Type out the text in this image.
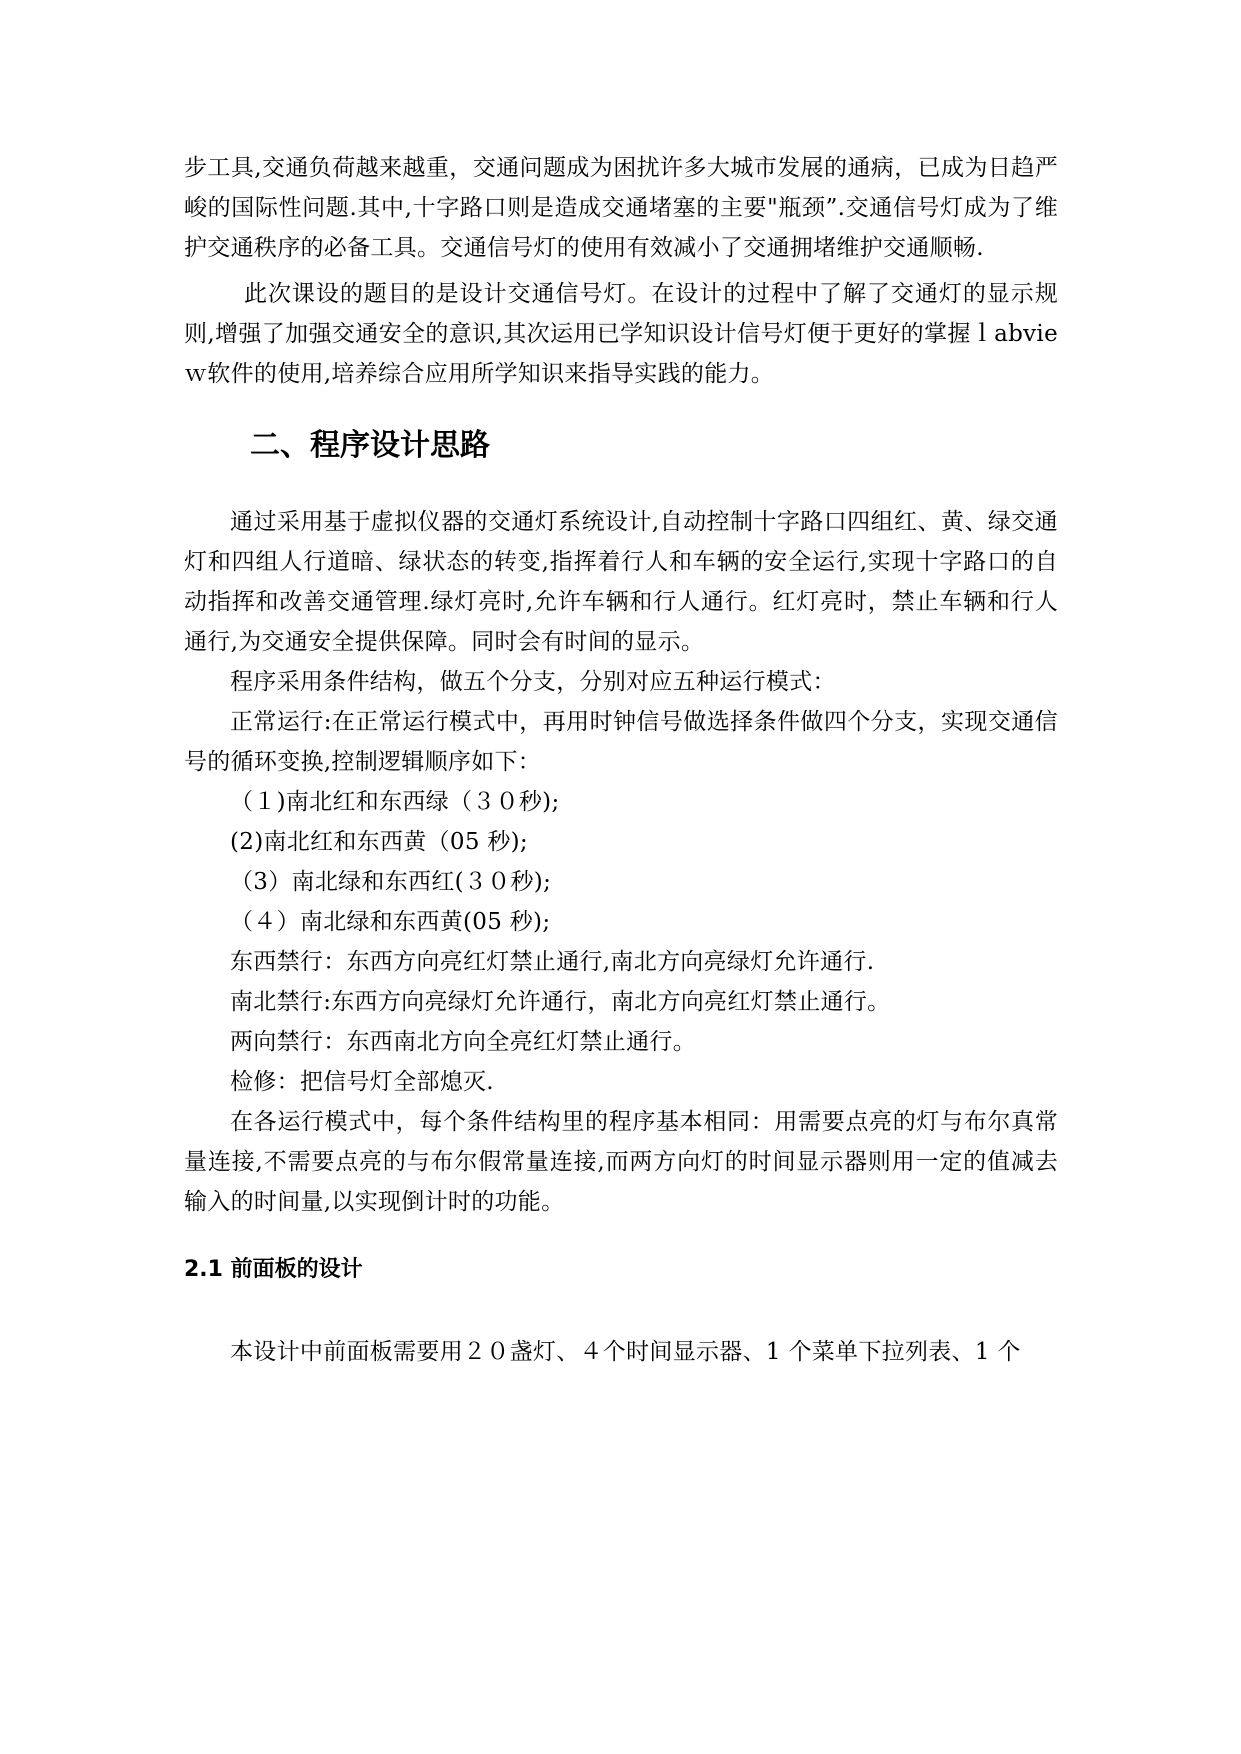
步工具,交通负荷越来越重，交通问题成为困扰许多大城市发展的通病，已成为日趋严峻的国际性问题.其中,十字路口则是造成交通堵塞的主要"瓶颈”.交通信号灯成为了维护交通秩序的必备工具。交通信号灯的使用有效减小了交通拥堵维护交通顺畅.

此次课设的题目的是设计交通信号灯。在设计的过程中了解了交通灯的显示规则,增强了加强交通安全的意识,其次运用已学知识设计信号灯便于更好的掌握ｌabvieｗ软件的使用,培养综合应用所学知识来指导实践的能力。

二、程序设计思路

通过采用基于虚拟仪器的交通灯系统设计,自动控制十字路口四组红、黄、绿交通灯和四组人行道暗、绿状态的转变,指挥着行人和车辆的安全运行,实现十字路口的自动指挥和改善交通管理.绿灯亮时,允许车辆和行人通行。红灯亮时，禁止车辆和行人通行,为交通安全提供保障。同时会有时间的显示。

程序采用条件结构，做五个分支，分别对应五种运行模式：

正常运行:在正常运行模式中，再用时钟信号做选择条件做四个分支，实现交通信号的循环变换,控制逻辑顺序如下：

（１)南北红和东西绿（３０秒);

(2)南北红和东西黄（05 秒);

（3）南北绿和东西红(３０秒);

（４）南北绿和东西黄(05 秒);

东西禁行：东西方向亮红灯禁止通行,南北方向亮绿灯允许通行.

南北禁行:东西方向亮绿灯允许通行，南北方向亮红灯禁止通行。

两向禁行：东西南北方向全亮红灯禁止通行。

检修：把信号灯全部熄灭.

在各运行模式中，每个条件结构里的程序基本相同：用需要点亮的灯与布尔真常量连接,不需要点亮的与布尔假常量连接,而两方向灯的时间显示器则用一定的值减去输入的时间量,以实现倒计时的功能。

2.1 前面板的设计

本设计中前面板需要用２０盏灯、４个时间显示器、1 个菜单下拉列表、1 个
